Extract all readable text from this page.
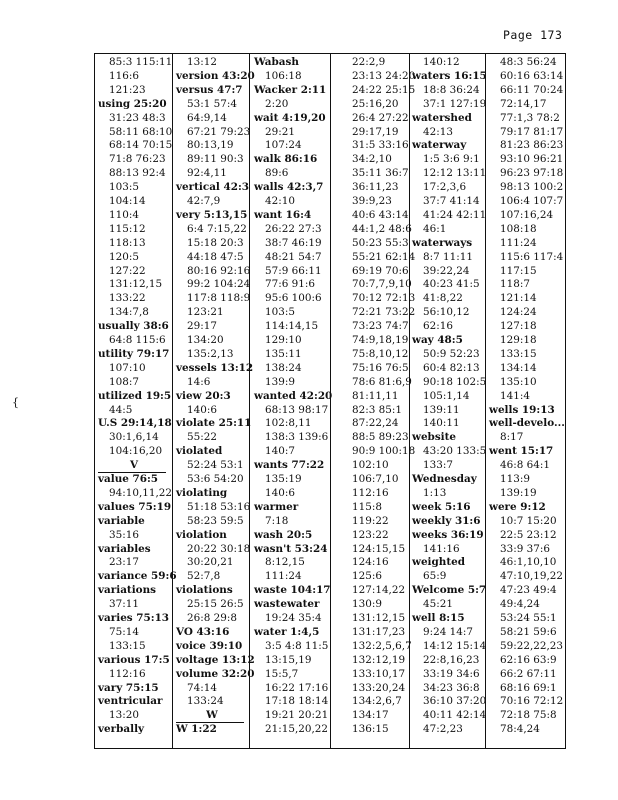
Page 173
{
85:3 115:11
116:6
121:23
using 25:20
31:23 48:3
58:11 68:10
68:14 70:15
71:8 76:23
88:13 92:4
103:5
104:14
110:4
115:12
118:13
120:5
127:22
131:12,15
133:22
134:7,8
usually 38:6
64:8 115:6
utility 79:17
107:10
108:7
utilized 19:5
44:5
U.S 29:14,18
30:1,6,14
104:16,20
V
value 76:5
94:10,11,22
values 75:19
variable
35:16
variables
23:17
variance 59:6
variations
37:11
varies 75:13
75:14
133:15
various 17:5
112:16
vary 75:15
ventricular
13:20
verbally
13:12
version 43:20
versus 47:7
53:1 57:4
64:9,14
67:21 79:23
80:13,19
89:11 90:3
92:4,11
vertical 42:3
42:7,9
very 5:13,15
6:4 7:15,22
15:18 20:3
44:18 47:5
80:16 92:16
99:2 104:24
117:8 118:9
123:21
29:17
134:20
135:2,13
vessels 13:12
14:6
view 20:3
140:6
violate 25:11
55:22
violated
52:24 53:1
53:6 54:20
violating
51:18 53:16
58:23 59:5
violation
20:22 30:18
30:20,21
52:7,8
violations
25:15 26:5
26:8 29:8
VO 43:16
voice 39:10
voltage 13:12
volume 32:20
74:14
133:24
W
W 1:22
Wabash
106:18
Wacker 2:11
2:20
wait 4:19,20
29:21
107:24
walk 86:16
89:6
walls 42:3,7
42:10
want 16:4
26:22 27:3
38:7 46:19
48:21 54:7
57:9 66:11
77:6 91:6
95:6 100:6
103:5
114:14,15
129:10
135:11
138:24
139:9
wanted 42:20
68:13 98:17
102:8,11
138:3 139:6
140:7
wants 77:22
135:19
140:6
warmer
7:18
wash 20:5
wasn't 53:24
8:12,15
111:24
waste 104:17
wastewater
19:24 35:4
water 1:4,5
3:5 4:8 11:5
13:15,19
15:5,7
16:22 17:16
17:18 18:14
19:21 20:21
21:15,20,22
22:2,9
23:13 24:20
24:22 25:15
25:16,20
26:4 27:22
29:17,19
31:5 33:16
34:2,10
35:11 36:7
36:11,23
39:9,23
40:6 43:14
44:1,2 48:6
50:23 55:3
55:21 62:14
69:19 70:6
70:7,7,9,10
70:12 72:13
72:21 73:22
73:23 74:7
74:9,18,19
75:8,10,12
75:16 76:5
78:6 81:6,9
81:11,11
82:3 85:1
87:22,24
88:5 89:23
90:9 100:18
102:10
106:7,10
112:16
115:8
119:22
123:22
124:15,15
124:16
125:6
127:14,22
130:9
131:12,15
131:17,23
132:2,5,6,7
132:12,19
133:10,17
133:20,24
134:2,6,7
134:17
136:15
140:12
waters 16:15
18:8 36:24
37:1 127:19
watershed
42:13
waterway
1:5 3:6 9:1
12:12 13:11
17:2,3,6
37:7 41:14
41:24 42:11
46:1
waterways
8:7 11:11
39:22,24
40:23 41:5
41:8,22
56:10,12
62:16
way 48:5
50:9 52:23
60:4 82:13
90:18 102:5
105:1,14
139:11
140:11
website
43:20 133:5
133:7
Wednesday
1:13
week 5:16
weekly 31:6
weeks 36:19
141:16
weighted
65:9
Welcome 5:7
45:21
well 8:15
9:24 14:7
14:12 15:14
22:8,16,23
33:19 34:6
34:23 36:8
36:10 37:20
40:11 42:14
47:2,23
48:3 56:24
60:16 63:14
66:11 70:24
72:14,17
77:1,3 78:2
79:17 81:17
81:23 86:23
93:10 96:21
96:23 97:18
98:13 100:2
106:4 107:7
107:16,24
108:18
111:24
115:6 117:4
117:15
118:7
121:14
124:24
127:18
129:18
133:15
134:14
135:10
141:4
wells 19:13
well-develo...
8:17
went 15:17
46:8 64:1
113:9
139:19
were 9:12
10:7 15:20
22:5 23:12
33:9 37:6
46:1,10,10
47:10,19,22
47:23 49:4
49:4,24
53:24 55:1
58:21 59:6
59:22,22,23
62:16 63:9
66:2 67:11
68:16 69:1
70:16 72:12
72:18 75:8
78:4,24
